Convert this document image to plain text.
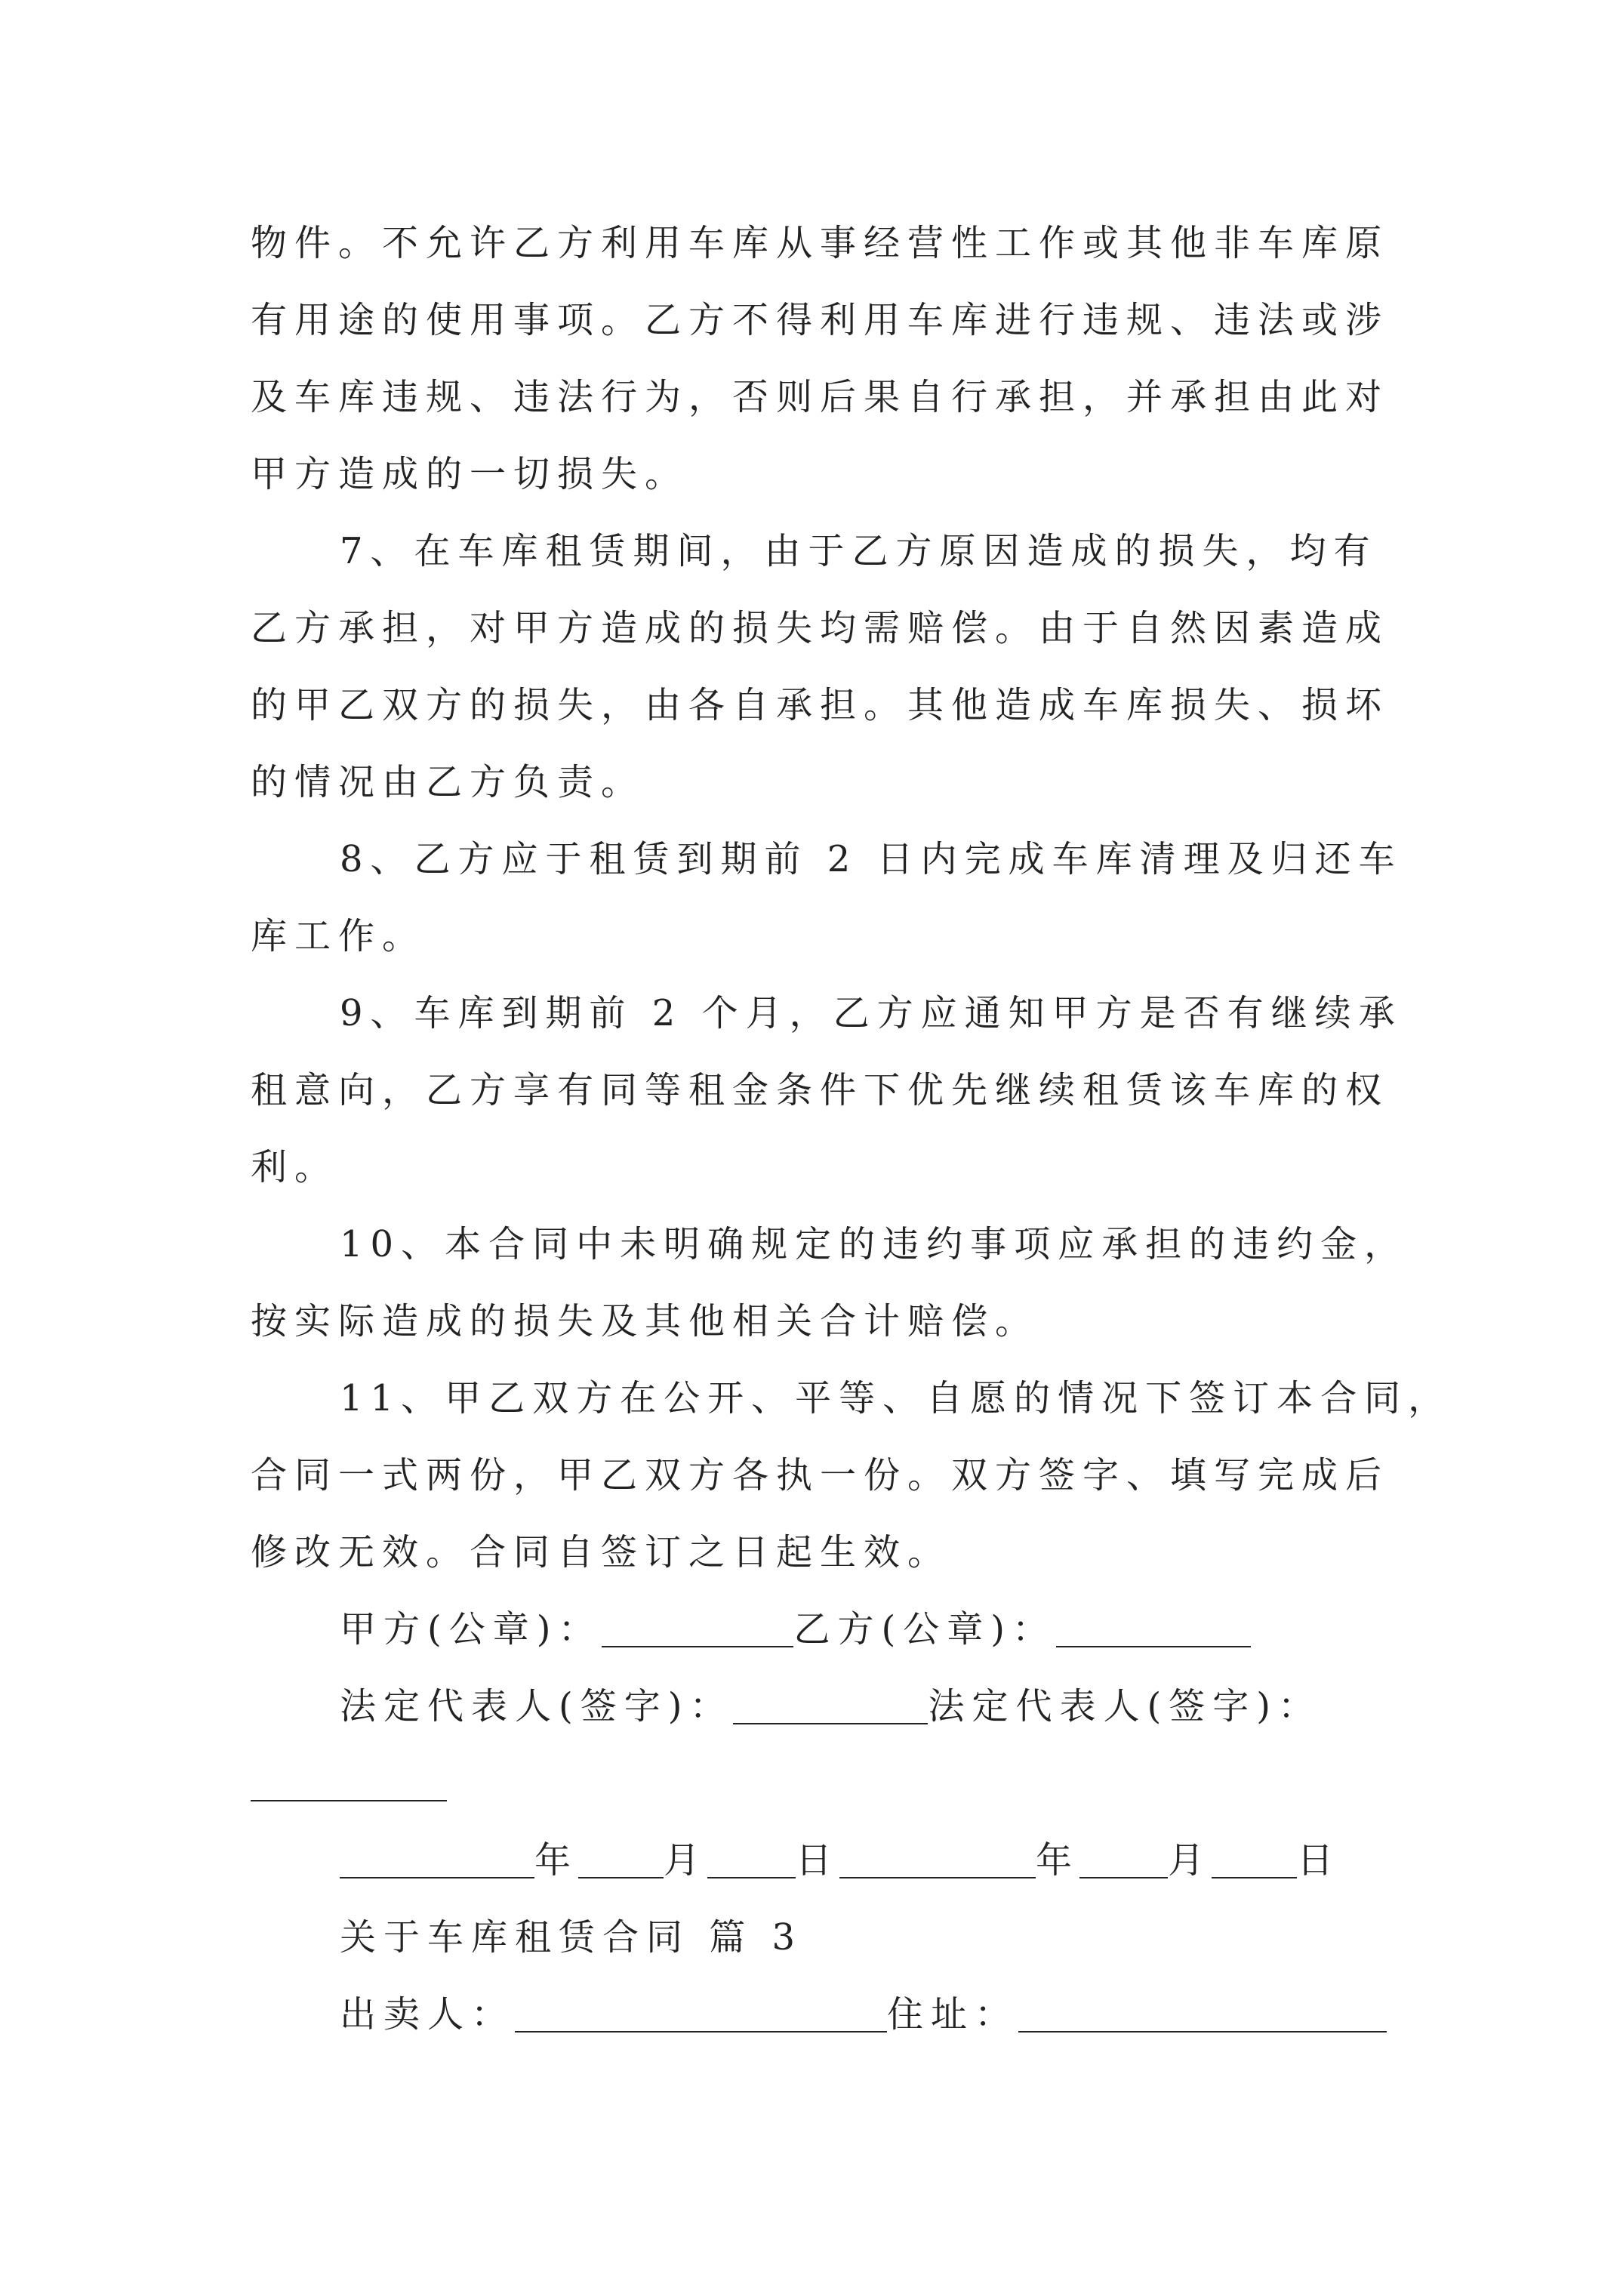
物件。不允许乙方利用车库从事经营性工作或其他非车库原
有用途的使用事项。乙方不得利用车库进行违规、违法或涉
及车库违规、违法行为，否则后果自行承担，并承担由此对
甲方造成的一切损失。
7、在车库租赁期间，由于乙方原因造成的损失，均有
乙方承担，对甲方造成的损失均需赔偿。由于自然因素造成
的甲乙双方的损失，由各自承担。其他造成车库损失、损坏
的情况由乙方负责。
8、乙方应于租赁到期前 2 日内完成车库清理及归还车
库工作。
9、车库到期前 2 个月，乙方应通知甲方是否有继续承
租意向，乙方享有同等租金条件下优先继续租赁该车库的权
利。
10、本合同中未明确规定的违约事项应承担的违约金，
按实际造成的损失及其他相关合计赔偿。
11、甲乙双方在公开、平等、自愿的情况下签订本合同，
合同一式两份，甲乙双方各执一份。双方签字、填写完成后
修改无效。合同自签订之日起生效。
甲方(公章)：	乙方(公章)：
法定代表人(签字)：	法定代表人(签字)：
年 月 日	年 月 日
关于车库租赁合同 篇 3
出卖人：	住址：
